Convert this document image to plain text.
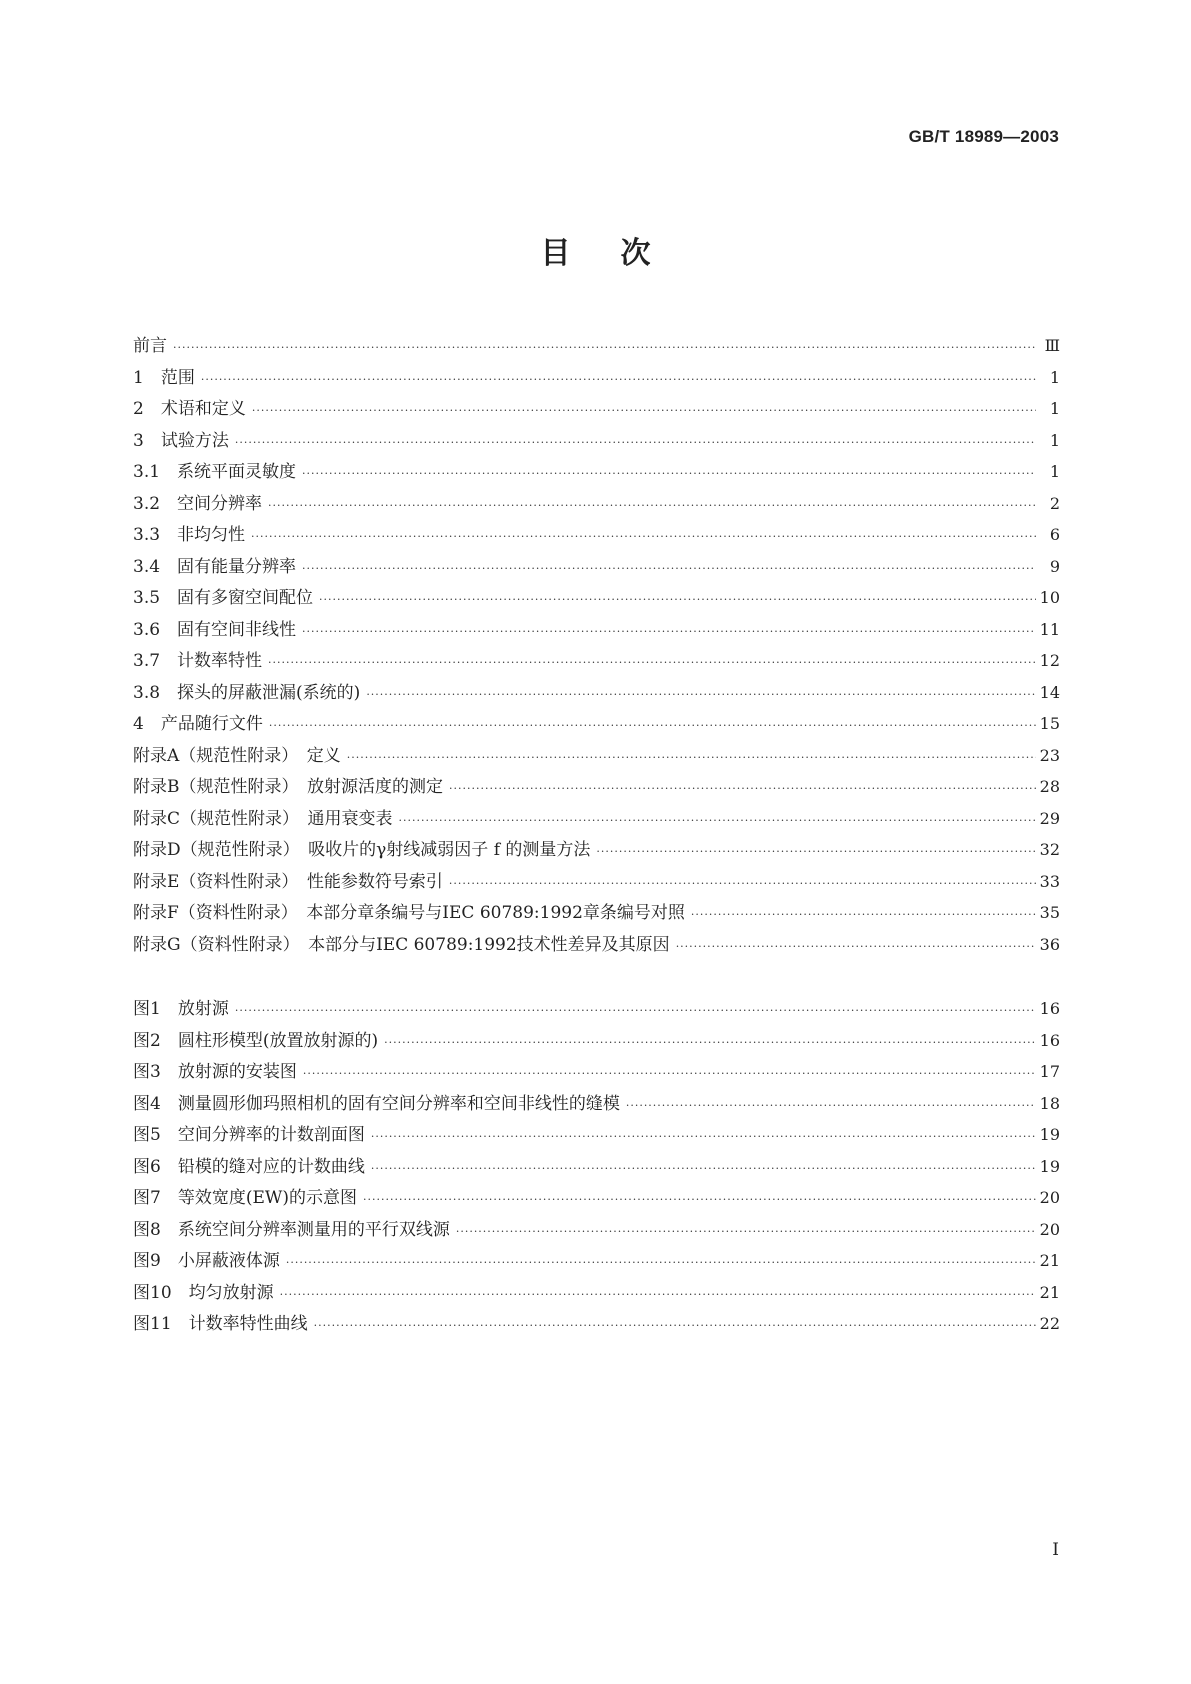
GB/T 18989—2003
目次
前言 ·····	Ⅲ
1　范围 ·····	1
2　术语和定义 ·····	1
3　试验方法 ·····	1
3.1　系统平面灵敏度 ·····	1
3.2　空间分辨率 ·····	2
3.3　非均匀性 ·····	6
3.4　固有能量分辨率 ·····	9
3.5　固有多窗空间配位 ·····	10
3.6　固有空间非线性 ·····	11
3.7　计数率特性 ·····	12
3.8　探头的屏蔽泄漏(系统的) ·····	14
4　产品随行文件 ·····	15
附录A（规范性附录）　定义 ·····	23
附录B（规范性附录）　放射源活度的测定 ·····	28
附录C（规范性附录）　通用衰变表 ·····	29
附录D（规范性附录）　吸收片的γ射线减弱因子 f 的测量方法 ·····	32
附录E（资料性附录）　性能参数符号索引 ·····	33
附录F（资料性附录）　本部分章条编号与IEC 60789:1992章条编号对照 ·····	35
附录G（资料性附录）　本部分与IEC 60789:1992技术性差异及其原因 ·····	36
图1　放射源 ·····	16
图2　圆柱形模型(放置放射源的) ·····	16
图3　放射源的安装图 ·····	17
图4　测量圆形伽玛照相机的固有空间分辨率和空间非线性的缝模 ·····	18
图5　空间分辨率的计数剖面图 ·····	19
图6　铅模的缝对应的计数曲线 ·····	19
图7　等效宽度(EW)的示意图 ·····	20
图8　系统空间分辨率测量用的平行双线源 ·····	20
图9　小屏蔽液体源 ·····	21
图10　均匀放射源 ·····	21
图11　计数率特性曲线 ·····	22
I
